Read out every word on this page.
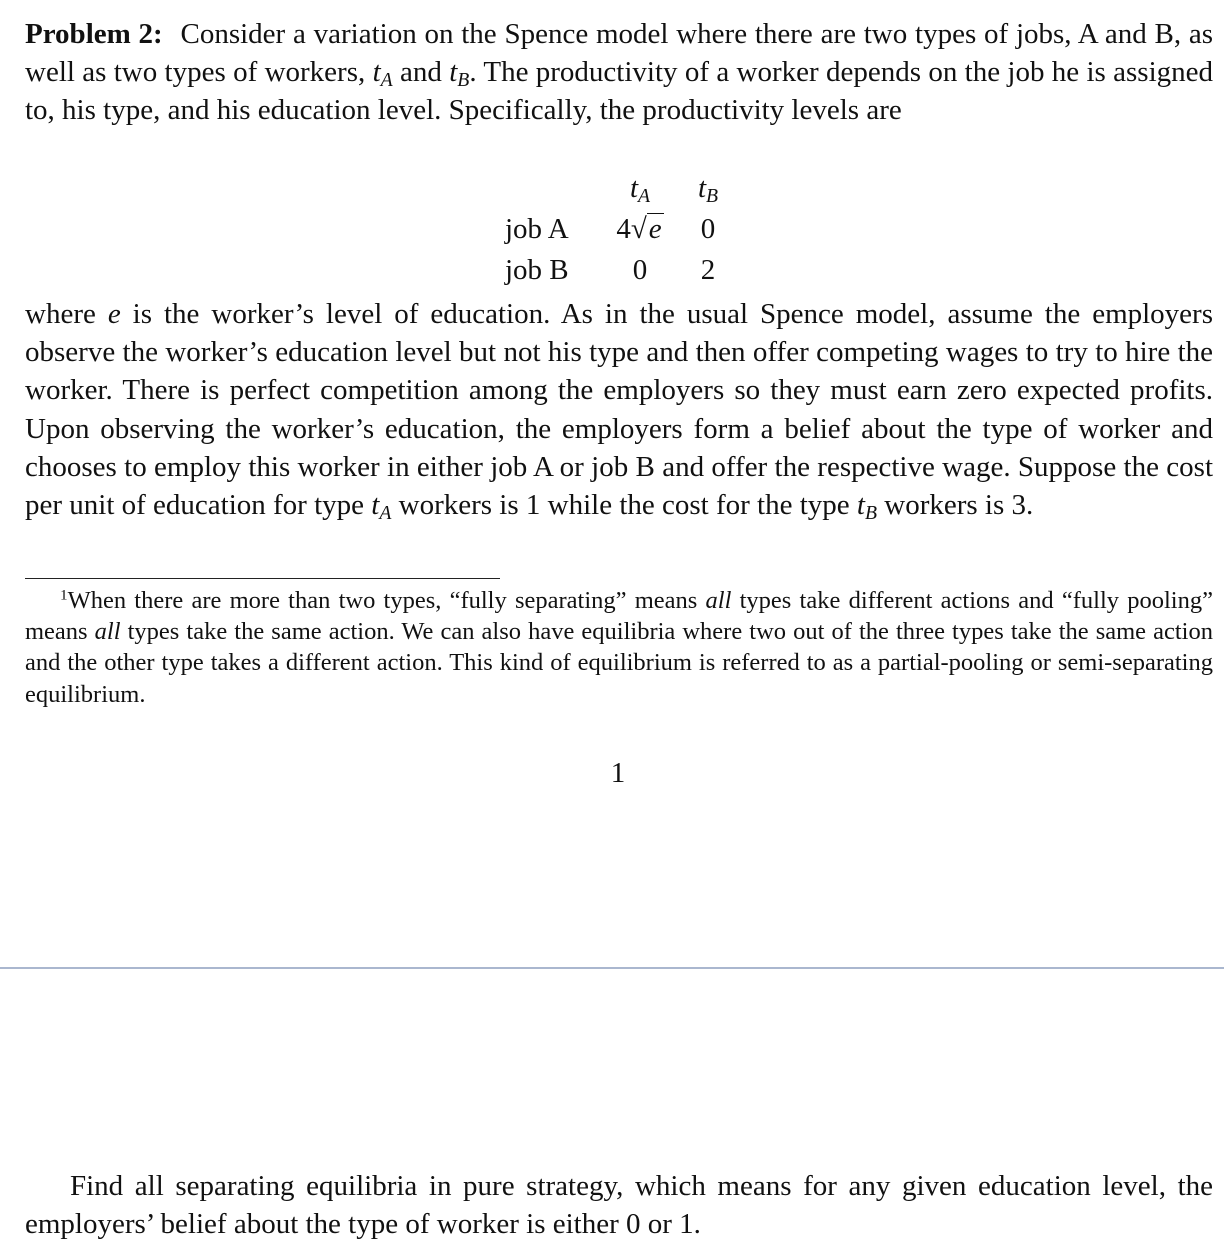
Problem 2: Consider a variation on the Spence model where there are two types of jobs, A and B, as well as two types of workers, $t_A$ and $t_B$. The productivity of a worker depends on the job he is assigned to, his type, and his education level. Specifically, the productivity levels are
	$t_A$	$t_B$
job A	4√e	0
job B	0	2
where e is the worker’s level of education. As in the usual Spence model, assume the employers observe the worker’s education level but not his type and then offer competing wages to try to hire the worker. There is perfect competition among the employers so they must earn zero expected profits. Upon observing the worker’s education, the employers form a belief about the type of worker and chooses to employ this worker in either job A or job B and offer the respective wage. Suppose the cost per unit of education for type $t_A$ workers is 1 while the cost for the type $t_B$ workers is 3.
$^1$When there are more than two types, “fully separating” means all types take different actions and “fully pooling” means all types take the same action. We can also have equilibria where two out of the three types take the same action and the other type takes a different action. This kind of equilibrium is referred to as a partial-pooling or semi-separating equilibrium.
1
Find all separating equilibria in pure strategy, which means for any given education level, the employers’ belief about the type of worker is either 0 or 1.
